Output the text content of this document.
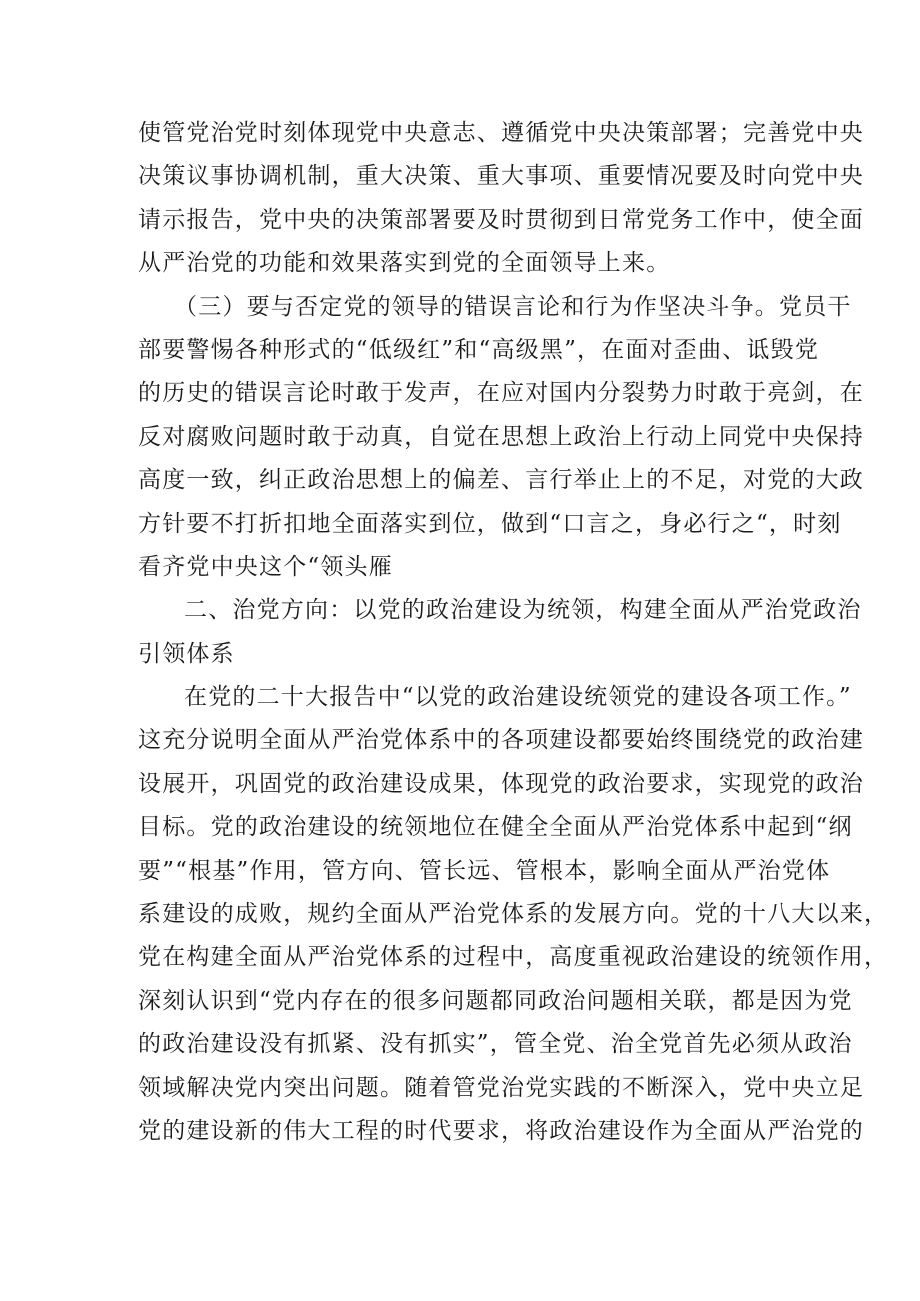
使管党治党时刻体现党中央意志、遵循党中央决策部署；完善党中央
决策议事协调机制，重大决策、重大事项、重要情况要及时向党中央
请示报告，党中央的决策部署要及时贯彻到日常党务工作中，使全面
从严治党的功能和效果落实到党的全面领导上来。
（三）要与否定党的领导的错误言论和行为作坚决斗争。党员干
部要警惕各种形式的“低级红”和“高级黑”，在面对歪曲、诋毁党
的历史的错误言论时敢于发声，在应对国内分裂势力时敢于亮剑，在
反对腐败问题时敢于动真，自觉在思想上政治上行动上同党中央保持
高度一致，纠正政治思想上的偏差、言行举止上的不足，对党的大政
方针要不打折扣地全面落实到位，做到“口言之，身必行之“，时刻
看齐党中央这个“领头雁
二、治党方向：以党的政治建设为统领，构建全面从严治党政治
引领体系
在党的二十大报告中“以党的政治建设统领党的建设各项工作。”
这充分说明全面从严治党体系中的各项建设都要始终围绕党的政治建
设展开，巩固党的政治建设成果，体现党的政治要求，实现党的政治
目标。党的政治建设的统领地位在健全全面从严治党体系中起到“纲
要”“根基”作用，管方向、管长远、管根本，影响全面从严治党体
系建设的成败，规约全面从严治党体系的发展方向。党的十八大以来，
党在构建全面从严治党体系的过程中，高度重视政治建设的统领作用，
深刻认识到“党内存在的很多问题都同政治问题相关联，都是因为党
的政治建设没有抓紧、没有抓实”，管全党、治全党首先必须从政治
领域解决党内突出问题。随着管党治党实践的不断深入，党中央立足
党的建设新的伟大工程的时代要求，将政治建设作为全面从严治党的
